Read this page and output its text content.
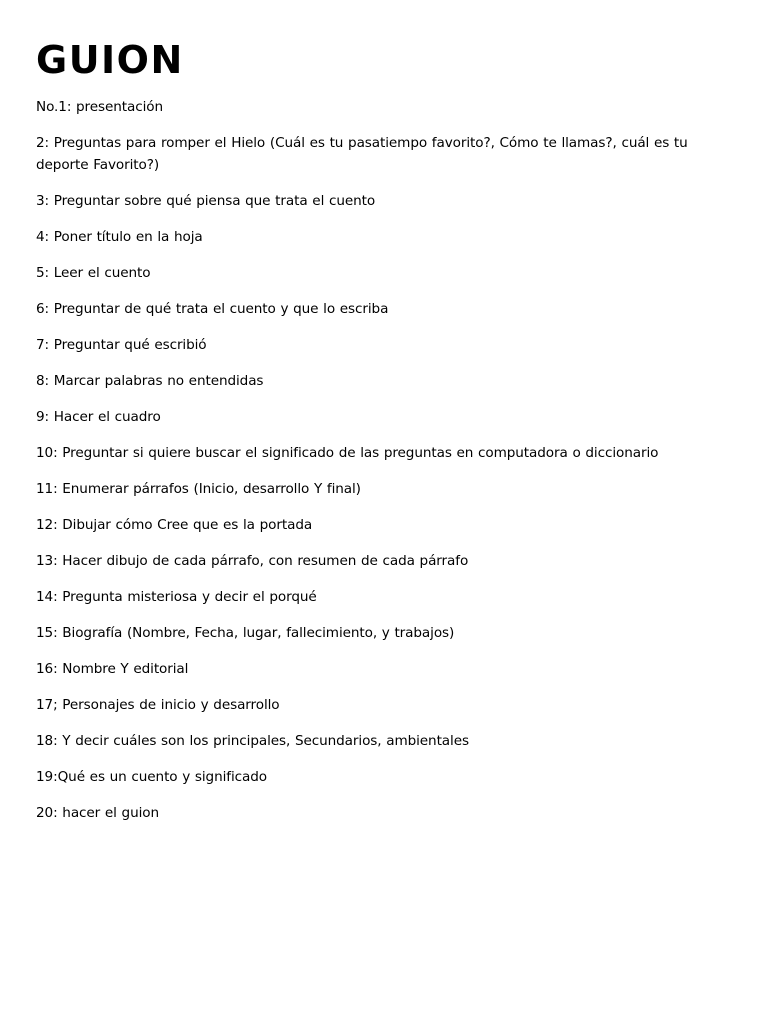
GUION
No.1: presentación
2: Preguntas para romper el Hielo (Cuál es tu pasatiempo favorito?, Cómo te llamas?, cuál es tu deporte Favorito?)
3: Preguntar sobre qué piensa que trata el cuento
4: Poner título en la hoja
5: Leer el cuento
6: Preguntar de qué trata el cuento y que lo escriba
7: Preguntar qué escribió
8: Marcar palabras no entendidas
9: Hacer el cuadro
10: Preguntar si quiere buscar el significado de las preguntas en computadora o diccionario
11: Enumerar párrafos (Inicio, desarrollo Y final)
12: Dibujar cómo Cree que es la portada
13: Hacer dibujo de cada párrafo, con resumen de cada párrafo
14: Pregunta misteriosa y decir el porqué
15: Biografía (Nombre, Fecha, lugar, fallecimiento, y trabajos)
16: Nombre Y editorial
17; Personajes de inicio y desarrollo
18: Y decir cuáles son los principales, Secundarios, ambientales
19:Qué es un cuento y significado
20: hacer el guion
